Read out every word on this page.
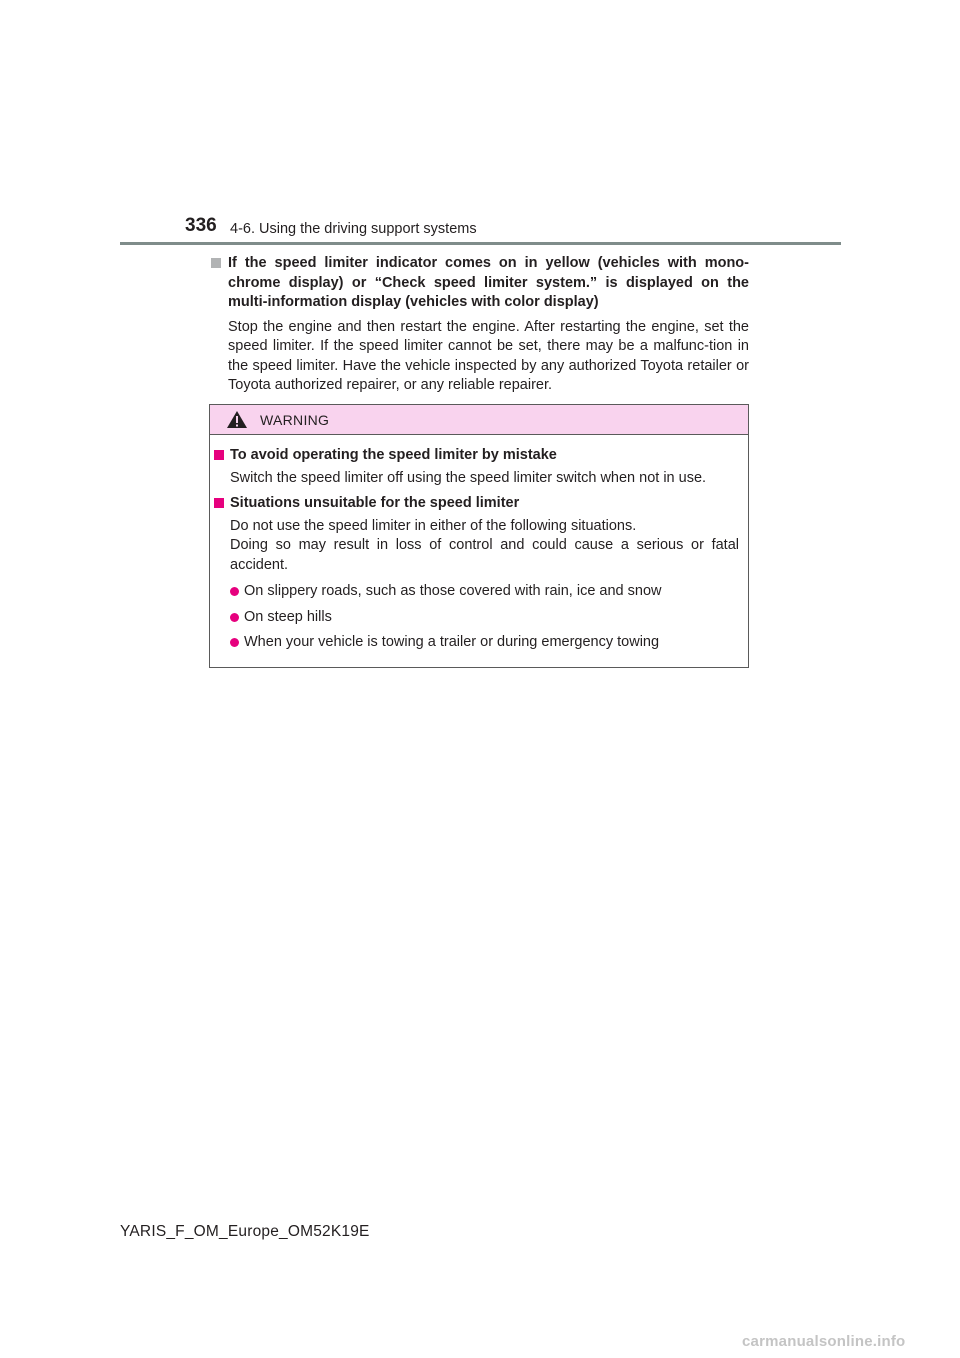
336 4-6. Using the driving support systems
If the speed limiter indicator comes on in yellow (vehicles with mono-chrome display) or “Check speed limiter system.” is displayed on the multi-information display (vehicles with color display)
Stop the engine and then restart the engine. After restarting the engine, set the speed limiter. If the speed limiter cannot be set, there may be a malfunc-tion in the speed limiter. Have the vehicle inspected by any authorized Toyota retailer or Toyota authorized repairer, or any reliable repairer.
WARNING
To avoid operating the speed limiter by mistake
Switch the speed limiter off using the speed limiter switch when not in use.
Situations unsuitable for the speed limiter
Do not use the speed limiter in either of the following situations.
Doing so may result in loss of control and could cause a serious or fatal accident.
On slippery roads, such as those covered with rain, ice and snow
On steep hills
When your vehicle is towing a trailer or during emergency towing
YARIS_F_OM_Europe_OM52K19E
carmanualsonline.info
